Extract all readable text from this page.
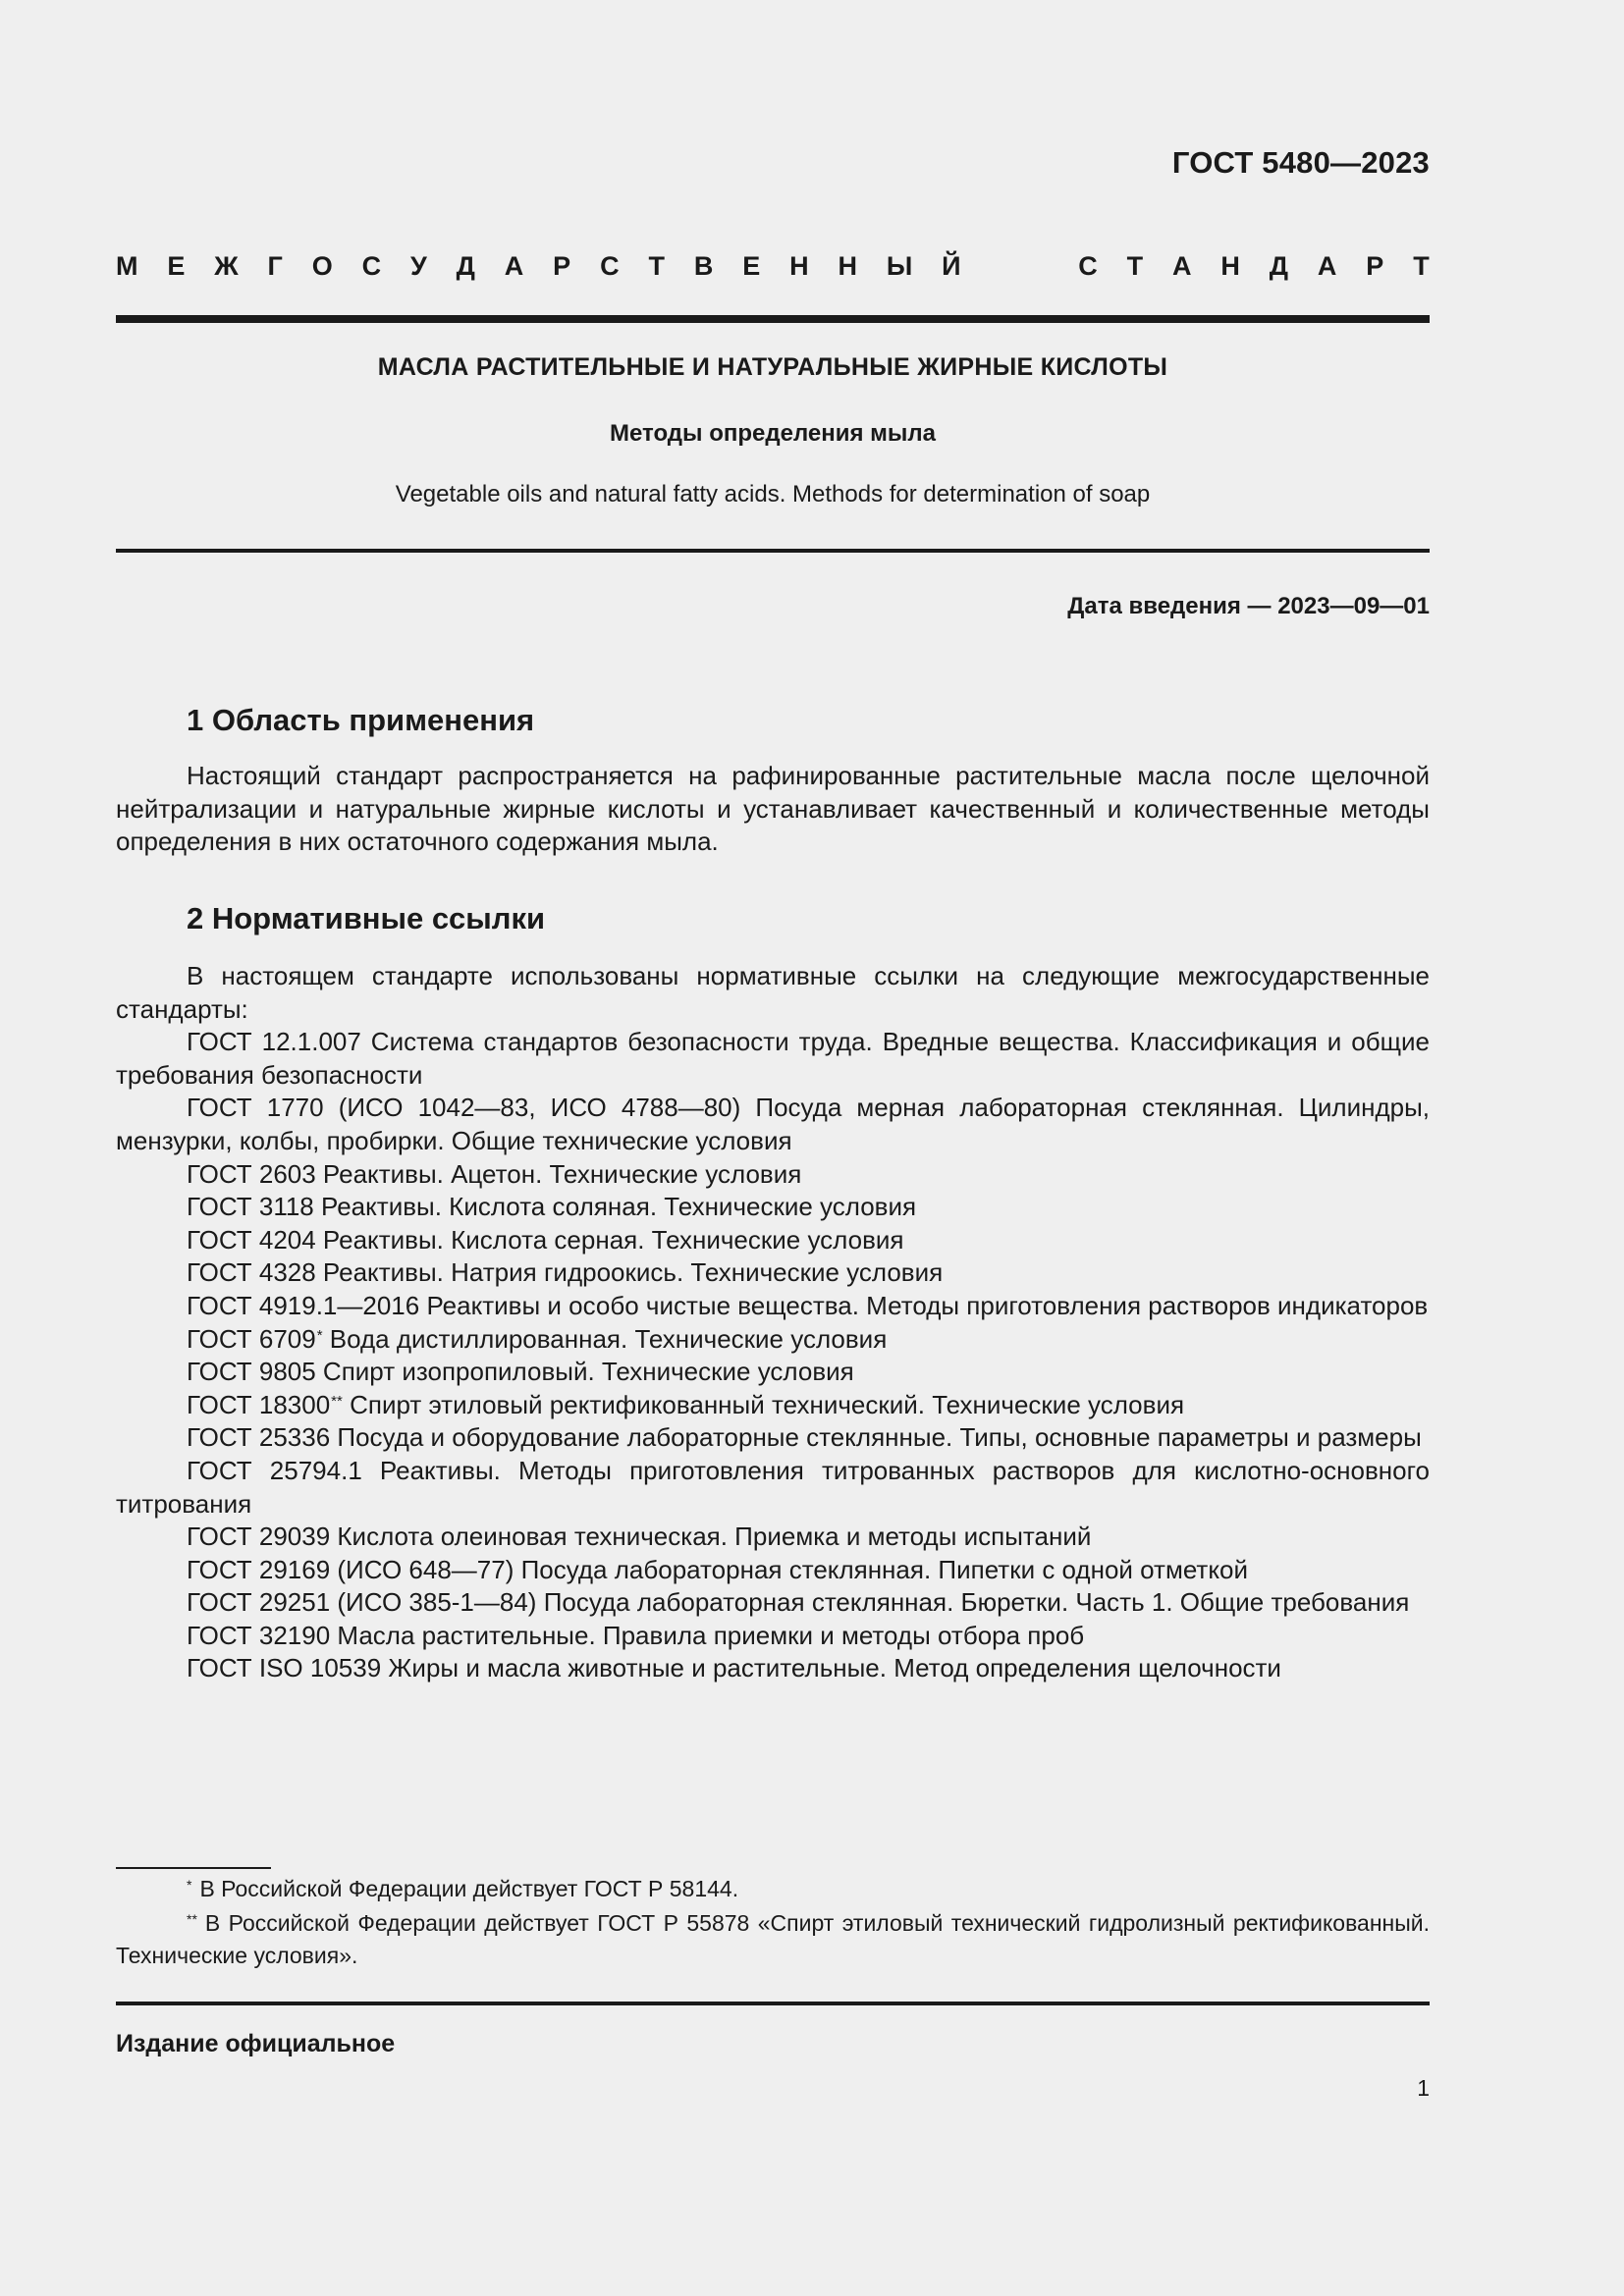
ГОСТ 5480—2023
М Е Ж Г О С У Д А Р С Т В Е Н Н Ы Й	С Т А Н Д А Р Т
МАСЛА РАСТИТЕЛЬНЫЕ И НАТУРАЛЬНЫЕ ЖИРНЫЕ КИСЛОТЫ
Методы определения мыла
Vegetable oils and natural fatty acids. Methods for determination of soap
Дата введения — 2023—09—01
1 Область применения

Настоящий стандарт распространяется на рафинированные растительные масла после щелочной нейтрализации и натуральные жирные кислоты и устанавливает качественный и количественные методы определения в них остаточного содержания мыла.

2 Нормативные ссылки

В настоящем стандарте использованы нормативные ссылки на следующие межгосударственные стандарты:

ГОСТ 12.1.007 Система стандартов безопасности труда. Вредные вещества. Классификация и общие требования безопасности

ГОСТ 1770 (ИСО 1042—83, ИСО 4788—80) Посуда мерная лабораторная стеклянная. Цилиндры, мензурки, колбы, пробирки. Общие технические условия

ГОСТ 2603 Реактивы. Ацетон. Технические условия

ГОСТ 3118 Реактивы. Кислота соляная. Технические условия

ГОСТ 4204 Реактивы. Кислота серная. Технические условия

ГОСТ 4328 Реактивы. Натрия гидроокись. Технические условия

ГОСТ 4919.1—2016 Реактивы и особо чистые вещества. Методы приготовления растворов индикаторов

ГОСТ 6709* Вода дистиллированная. Технические условия

ГОСТ 9805 Спирт изопропиловый. Технические условия

ГОСТ 18300** Спирт этиловый ректификованный технический. Технические условия

ГОСТ 25336 Посуда и оборудование лабораторные стеклянные. Типы, основные параметры и размеры

ГОСТ 25794.1 Реактивы. Методы приготовления титрованных растворов для кислотно-основного титрования

ГОСТ 29039 Кислота олеиновая техническая. Приемка и методы испытаний

ГОСТ 29169 (ИСО 648—77) Посуда лабораторная стеклянная. Пипетки с одной отметкой

ГОСТ 29251 (ИСО 385-1—84) Посуда лабораторная стеклянная. Бюретки. Часть 1. Общие требования

ГОСТ 32190 Масла растительные. Правила приемки и методы отбора проб

ГОСТ ISO 10539 Жиры и масла животные и растительные. Метод определения щелочности

* В Российской Федерации действует ГОСТ Р 58144.

** В Российской Федерации действует ГОСТ Р 55878 «Спирт этиловый технический гидролизный ректификованный. Технические условия».

Издание официальное
1
